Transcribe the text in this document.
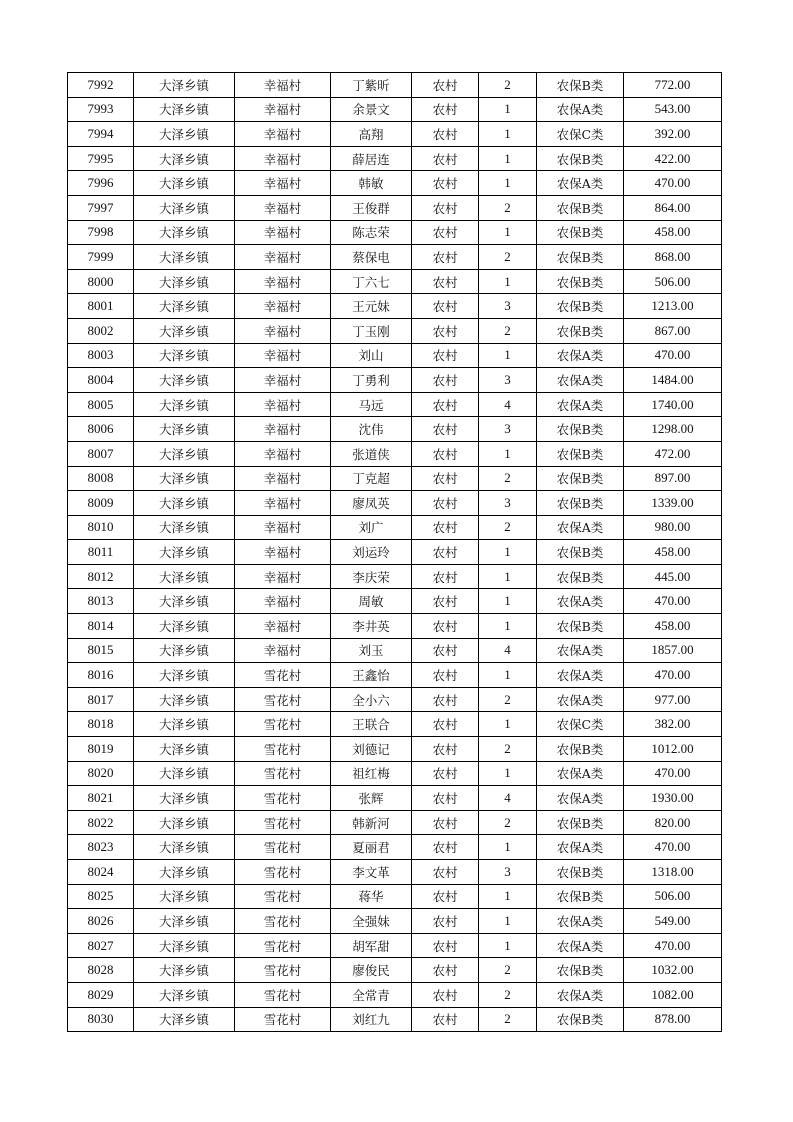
7992	大泽乡镇	幸福村	丁紫昕	农村	2	农保B类	772.00
7993	大泽乡镇	幸福村	余景文	农村	1	农保A类	543.00
7994	大泽乡镇	幸福村	高翔	农村	1	农保C类	392.00
7995	大泽乡镇	幸福村	薛居连	农村	1	农保B类	422.00
7996	大泽乡镇	幸福村	韩敏	农村	1	农保A类	470.00
7997	大泽乡镇	幸福村	王俊群	农村	2	农保B类	864.00
7998	大泽乡镇	幸福村	陈志荣	农村	1	农保B类	458.00
7999	大泽乡镇	幸福村	蔡保电	农村	2	农保B类	868.00
8000	大泽乡镇	幸福村	丁六七	农村	1	农保B类	506.00
8001	大泽乡镇	幸福村	王元妹	农村	3	农保B类	1213.00
8002	大泽乡镇	幸福村	丁玉刚	农村	2	农保B类	867.00
8003	大泽乡镇	幸福村	刘山	农村	1	农保A类	470.00
8004	大泽乡镇	幸福村	丁勇利	农村	3	农保A类	1484.00
8005	大泽乡镇	幸福村	马远	农村	4	农保A类	1740.00
8006	大泽乡镇	幸福村	沈伟	农村	3	农保B类	1298.00
8007	大泽乡镇	幸福村	张道侠	农村	1	农保B类	472.00
8008	大泽乡镇	幸福村	丁克超	农村	2	农保B类	897.00
8009	大泽乡镇	幸福村	廖凤英	农村	3	农保B类	1339.00
8010	大泽乡镇	幸福村	刘广	农村	2	农保A类	980.00
8011	大泽乡镇	幸福村	刘运玲	农村	1	农保B类	458.00
8012	大泽乡镇	幸福村	李庆荣	农村	1	农保B类	445.00
8013	大泽乡镇	幸福村	周敏	农村	1	农保A类	470.00
8014	大泽乡镇	幸福村	李井英	农村	1	农保B类	458.00
8015	大泽乡镇	幸福村	刘玉	农村	4	农保A类	1857.00
8016	大泽乡镇	雪花村	王鑫怡	农村	1	农保A类	470.00
8017	大泽乡镇	雪花村	全小六	农村	2	农保A类	977.00
8018	大泽乡镇	雪花村	王联合	农村	1	农保C类	382.00
8019	大泽乡镇	雪花村	刘德记	农村	2	农保B类	1012.00
8020	大泽乡镇	雪花村	祖红梅	农村	1	农保A类	470.00
8021	大泽乡镇	雪花村	张辉	农村	4	农保A类	1930.00
8022	大泽乡镇	雪花村	韩新河	农村	2	农保B类	820.00
8023	大泽乡镇	雪花村	夏丽君	农村	1	农保A类	470.00
8024	大泽乡镇	雪花村	李文革	农村	3	农保B类	1318.00
8025	大泽乡镇	雪花村	蒋华	农村	1	农保B类	506.00
8026	大泽乡镇	雪花村	全强妹	农村	1	农保A类	549.00
8027	大泽乡镇	雪花村	胡军甜	农村	1	农保A类	470.00
8028	大泽乡镇	雪花村	廖俊民	农村	2	农保B类	1032.00
8029	大泽乡镇	雪花村	全常青	农村	2	农保A类	1082.00
8030	大泽乡镇	雪花村	刘红九	农村	2	农保B类	878.00
